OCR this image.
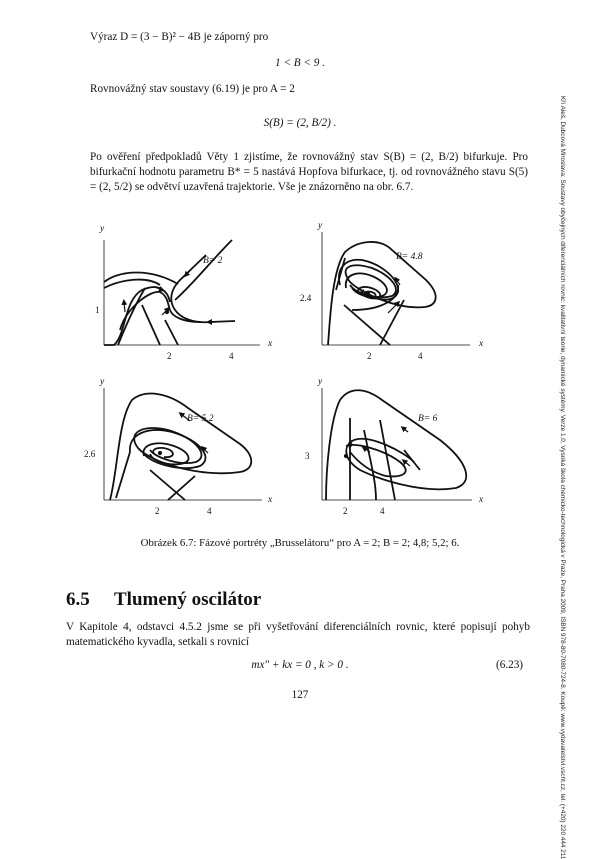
Výraz D = (3 − B)² − 4B je záporný pro
1 < B < 9 .
Rovnovážný stav soustavy (6.19) je pro A = 2
S(B) = (2, B/2) .
Po ověření předpokladů Věty 1 zjistíme, že rovnovážný stav S(B) = (2, B/2) bifurkuje. Pro bifurkační hodnotu parametru B* = 5 nastává Hopfova bifurkace, tj. od rovnovážného stavu S(5) = (2, 5/2) se odvětví uzavřená trajektorie. Vše je znázorněno na obr. 6.7.	Kří Aleš, Dubcová Miroslava: Soustavy obyčejných diferenciálních rovnic: kvalitativní teorie, dynamické systémy. Verze 1.0, Vysoká škola chemicko-technologická v Praze, Praha 2009, ISBN 978-80-7080-724-8. Koupě: www.vydavatelstvi.vscht.cz, tel. (+420) 220 444 211
y
B= 2
1
2	4
x
y
B= 4.8
2.4
2	4
x
y
B= 5.2
2.6
2	4
x
y
B= 6
3
2	4
x
Obrázek 6.7: Fázové portréty „Brusselátoru“ pro A = 2; B = 2; 4,8; 5,2; 6.
6.5 Tlumený oscilátor
V Kapitole 4, odstavci 4.5.2 jsme se při vyšetřování diferenciálních rovnic, které popisují pohyb matematického kyvadla, setkali s rovnicí
mx″ + kx = 0 , k > 0 .	(6.23)
127
